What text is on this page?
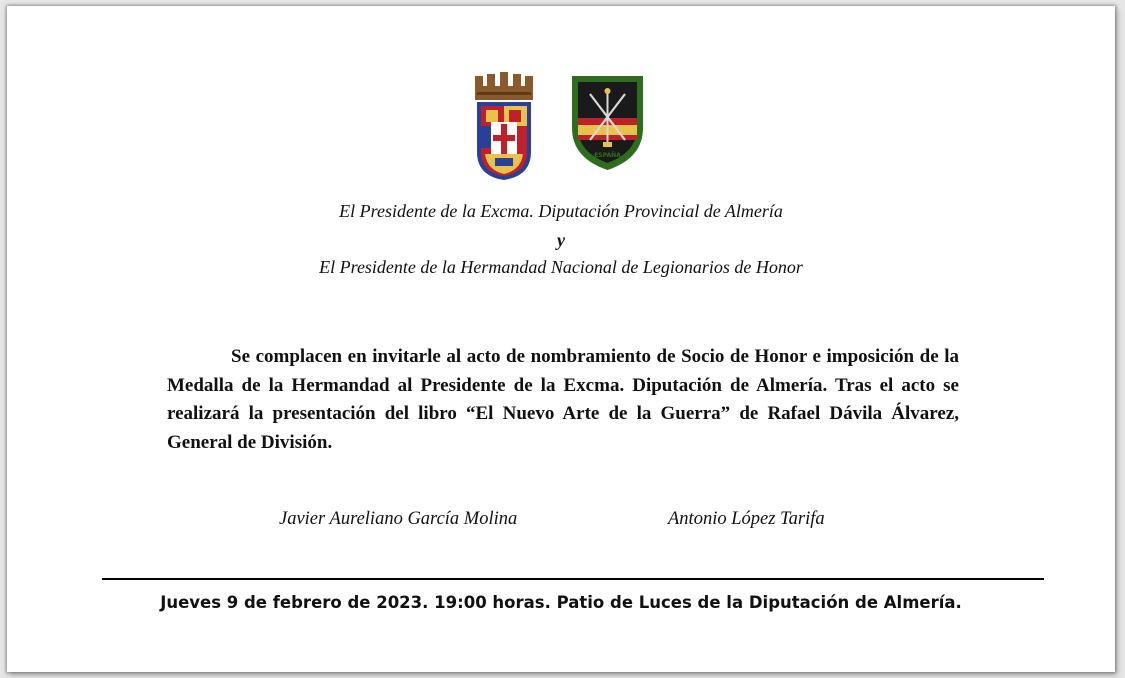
ESPAÑA
El Presidente de la Excma. Diputación Provincial de Almería
y
El Presidente de la Hermandad Nacional de Legionarios de Honor

Se complacen en invitarle al acto de nombramiento de Socio de Honor e imposición de la Medalla de la Hermandad al Presidente de la Excma. Diputación de Almería. Tras el acto se realizará la presentación del libro “El Nuevo Arte de la Guerra” de Rafael Dávila Álvarez, General de División.

Javier Aureliano García Molina	Antonio López Tarifa
Jueves 9 de febrero de 2023. 19:00 horas. Patio de Luces de la Diputación de Almería.
